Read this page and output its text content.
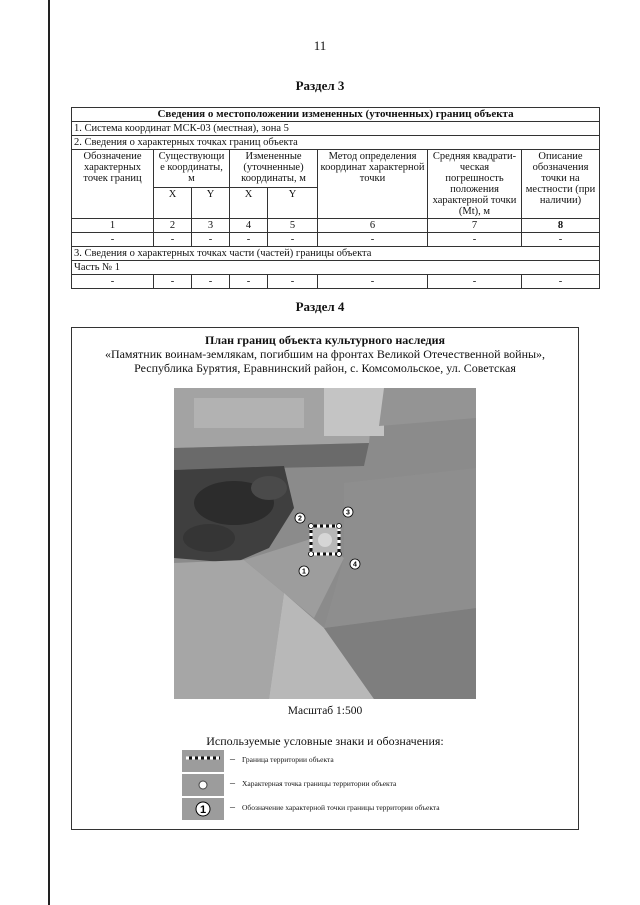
11
Раздел 3
Сведения о местоположении измененных (уточненных) границ объекта							
1. Система координат МСК-03 (местная), зона 5							
2. Сведения о характерных точках границ объекта							
Обозначение характерных точек границ	Существующи е координаты, м		Измененные (уточненные) координаты, м		Метод определения координат характерной точки	Средняя квадрати-ческая погрешность положения характерной точки (Mt), м	Описание обозначения точки на местности (при наличии)
	X	Y	X	Y			
1	2	3	4	5	6	7	8
-	-	-	-	-	-	-	-
3. Сведения о характерных точках части (частей) границы объекта							
Часть № 1							
-	-	-	-	-	-	-	-
Раздел 4
План границ объекта культурного наследия
«Памятник воинам-землякам, погибшим на фронтах Великой Отечественной войны», Республика Бурятия, Еравнинский район, с. Комсомольское, ул. Советская
1
2
3
4
Масштаб 1:500
Используемые условные знаки и обозначения:
– Граница территории объекта
– Характерная точка границы территории объекта
1 – Обозначение характерной точки границы территории объекта
